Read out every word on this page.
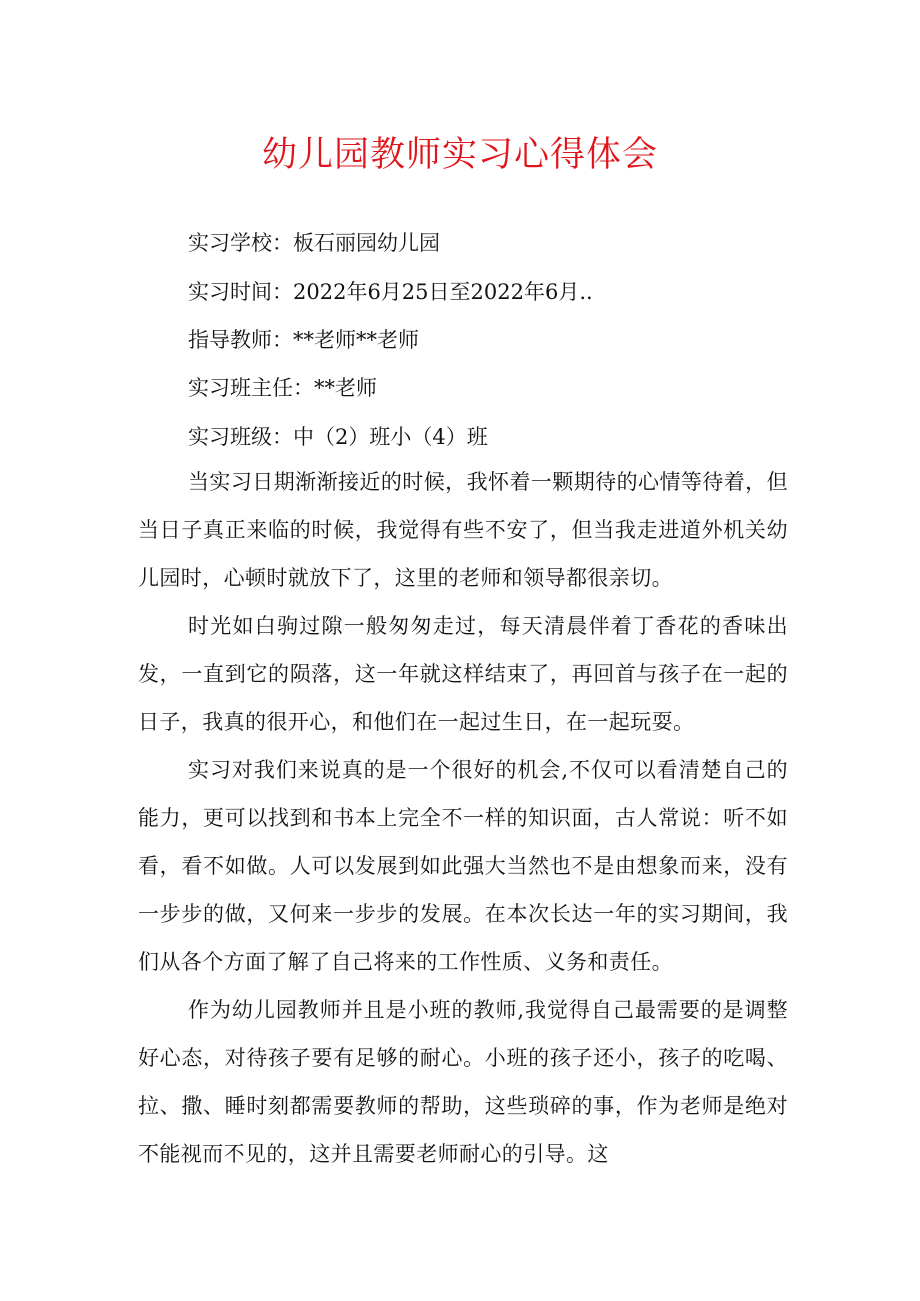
幼儿园教师实习心得体会

实习学校：板石丽园幼儿园

实习时间：2022年6月25日至2022年6月..

指导教师：**老师**老师

实习班主任：**老师

实习班级：中（2）班小（4）班

当实习日期渐渐接近的时候，我怀着一颗期待的心情等待着，但当日子真正来临的时候，我觉得有些不安了，但当我走进道外机关幼儿园时，心顿时就放下了，这里的老师和领导都很亲切。

时光如白驹过隙一般匆匆走过，每天清晨伴着丁香花的香味出发，一直到它的陨落，这一年就这样结束了，再回首与孩子在一起的日子，我真的很开心，和他们在一起过生日，在一起玩耍。

实习对我们来说真的是一个很好的机会,不仅可以看清楚自己的能力，更可以找到和书本上完全不一样的知识面，古人常说：听不如看，看不如做。人可以发展到如此强大当然也不是由想象而来，没有一步步的做，又何来一步步的发展。在本次长达一年的实习期间，我们从各个方面了解了自己将来的工作性质、义务和责任。

作为幼儿园教师并且是小班的教师,我觉得自己最需要的是调整好心态，对待孩子要有足够的耐心。小班的孩子还小，孩子的吃喝、拉、撒、睡时刻都需要教师的帮助，这些琐碎的事，作为老师是绝对不能视而不见的，这并且需要老师耐心的引导。这
